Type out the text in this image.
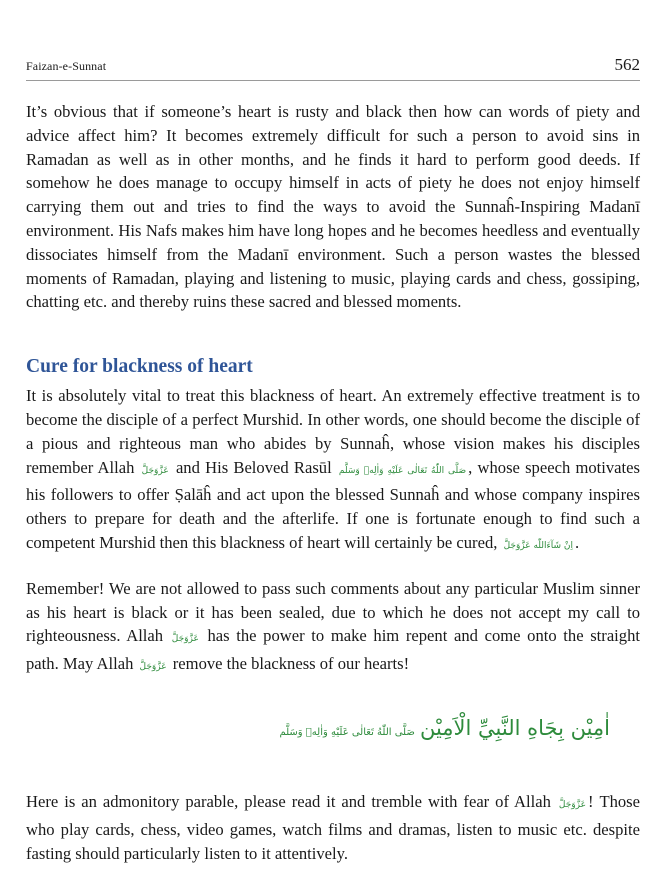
Faizan-e-Sunnat	562

It’s obvious that if someone’s heart is rusty and black then how can words of piety and advice affect him? It becomes extremely difficult for such a person to avoid sins in Ramadan as well as in other months, and he finds it hard to perform good deeds. If somehow he does manage to occupy himself in acts of piety he does not enjoy himself carrying them out and tries to find the ways to avoid the Sunnaĥ-Inspiring Madanī environment. His Nafs makes him have long hopes and he becomes heedless and eventually dissociates himself from the Madanī environment. Such a person wastes the blessed moments of Ramadan, playing and listening to music, playing cards and chess, gossiping, chatting etc. and thereby ruins these sacred and blessed moments.

Cure for blackness of heart

It is absolutely vital to treat this blackness of heart. An extremely effective treatment is to become the disciple of a perfect Murshid. In other words, one should become the disciple of a pious and righteous man who abides by Sunnaĥ, whose vision makes his disciples remember Allah عَزَّوَجَلَّ and His Beloved Rasūl صَلَّى اللّٰهُ تَعَالٰى عَلَيْهِ وَاٰلِهٖ وَسَلَّم , whose speech motivates his followers to offer Ṣalāĥ and act upon the blessed Sunnaĥ and whose company inspires others to prepare for death and the afterlife. If one is fortunate enough to find such a competent Murshid then this blackness of heart will certainly be cured, اِنْ شَآءَاللّٰه عَزَّوَجَلَّ .

Remember! We are not allowed to pass such comments about any particular Muslim sinner as his heart is black or it has been sealed, due to which he does not accept my call to righteousness. Allah عَزَّوَجَلَّ has the power to make him repent and come onto the straight path. May Allah عَزَّوَجَلَّ remove the blackness of our hearts!

صَلَّى اللّٰهُ تَعَالٰى عَلَيْهِ وَاٰلِهٖ وَسَلَّم اٰمِيْن بِجَاهِ النَّبِيِّ الْاَمِيْن

Here is an admonitory parable, please read it and tremble with fear of Allah عَزَّوَجَلَّ ! Those who play cards, chess, video games, watch films and dramas, listen to music etc. despite fasting should particularly listen to it attentively.
